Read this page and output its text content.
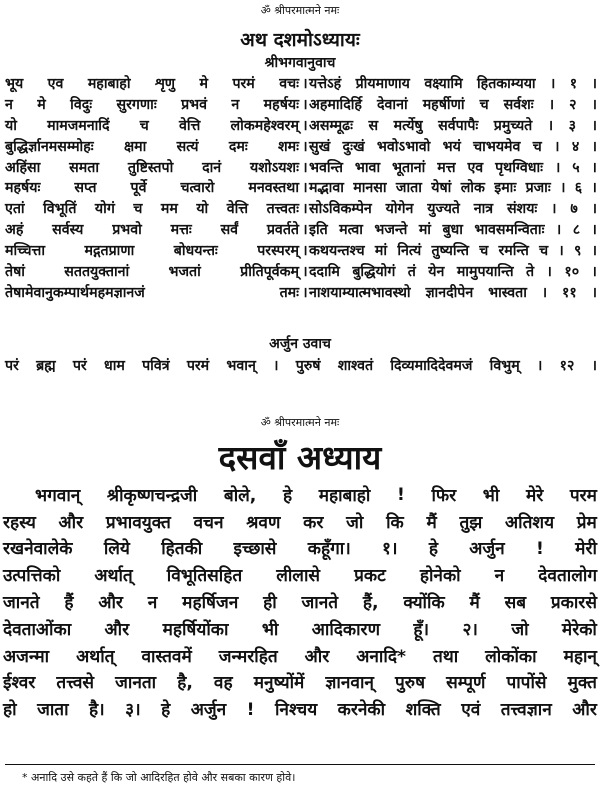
ॐ श्रीपरमात्मने नमः
अथ दशमोऽध्यायः
श्रीभगवानुवाच
भूय एव महाबाहो शृणु मे परमं वचः । यत्तेऽहं प्रीयमाणाय वक्ष्यामि हितकाम्यया । १ ।
न मे विदुः सुरगणाः प्रभवं न महर्षयः । अहमादिर्हि देवानां महर्षीणां च सर्वशः । २ ।
यो मामजमनादिं च वेत्ति लोकमहेश्वरम् । असम्मूढः स मर्त्येषु सर्वपापैः प्रमुच्यते । ३ ।
बुद्धिर्ज्ञानमसम्मोहः क्षमा सत्यं दमः शमः । सुखं दुःखं भवोऽभावो भयं चाभयमेव च । ४ ।
अहिंसा समता तुष्टिस्तपो दानं यशोऽयशः । भवन्ति भावा भूतानां मत्त एव पृथग्विधाः । ५ ।
महर्षयः सप्त पूर्वे चत्वारो मनवस्तथा । मद्भावा मानसा जाता येषां लोक इमाः प्रजाः । ६ ।
एतां विभूतिं योगं च मम यो वेत्ति तत्त्वतः । सोऽविकम्पेन योगेन युज्यते नात्र संशयः । ७ ।
अहं सर्वस्य प्रभवो मत्तः सर्वं प्रवर्तते । इति मत्वा भजन्ते मां बुधा भावसमन्विताः । ८ ।
मच्चित्ता	मद्गतप्राणा	बोधयन्तः	परस्परम् । कथयन्तश्च मां नित्यं तुष्यन्ति च रमन्ति च । ९ ।
तेषां	सततयुक्तानां	भजतां	प्रीतिपूर्वकम् । ददामि बुद्धियोगं तं येन मामुपयान्ति ते । १० ।
तेषामेवानुकम्पार्थमहमज्ञानजं	तमः । नाशयाम्यात्मभावस्थो ज्ञानदीपेन भास्वता । ११ ।
अर्जुन उवाच
परं ब्रह्म परं धाम पवित्रं परमं भवान् । पुरुषं शाश्वतं दिव्यमादिदेवमजं विभुम् । १२ ।
ॐ श्रीपरमात्मने नमः
दसवाँ अध्याय
भगवान् श्रीकृष्णचन्द्रजी बोले, हे महाबाहो ! फिर भी मेरे परम
रहस्य और प्रभावयुक्त वचन श्रवण कर जो कि मैं तुझ अतिशय प्रेम
रखनेवालेके लिये हितकी इच्छासे कहूँगा। १। हे अर्जुन ! मेरी
उत्पत्तिको अर्थात् विभूतिसहित लीलासे प्रकट होनेको न देवतालोग
जानते हैं और न महर्षिजन ही जानते हैं, क्योंकि मैं सब प्रकारसे
देवताओंका और महर्षियोंका भी आदिकारण हूँ। २। जो मेरेको
अजन्मा अर्थात् वास्तवमें जन्मरहित और अनादि* तथा लोकोंका महान्
ईश्वर तत्त्वसे जानता है, वह मनुष्योंमें ज्ञानवान् पुरुष सम्पूर्ण पापोंसे मुक्त
हो जाता है। ३। हे अर्जुन ! निश्चय करनेकी शक्ति एवं तत्त्वज्ञान और
* अनादि उसे कहते हैं कि जो आदिरहित होवे और सबका कारण होवे।
